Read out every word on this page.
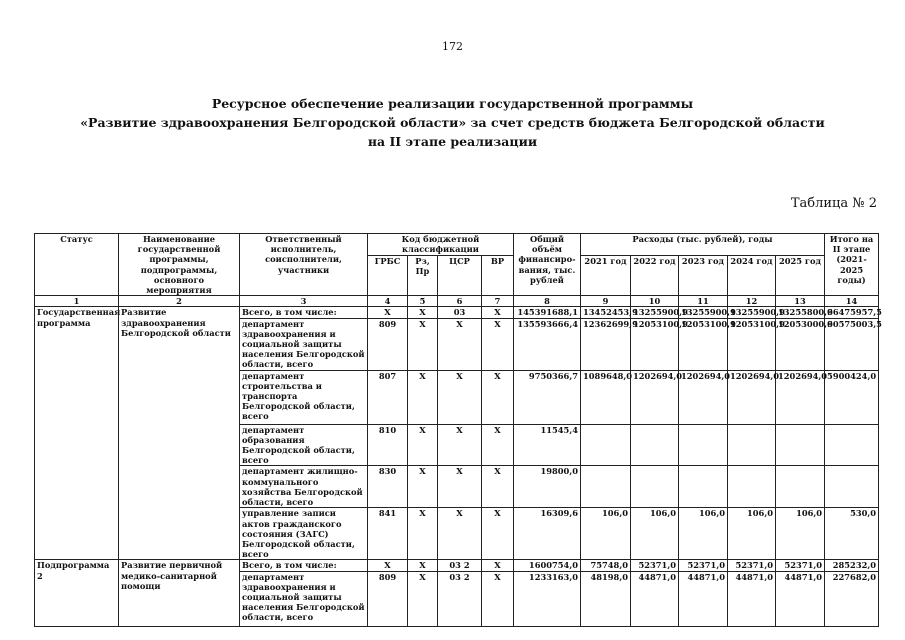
172
Ресурсное обеспечение реализации государственной программы
«Развитие здравоохранения Белгородской области» за счет средств бюджета Белгородской области
на II этапе реализации
Таблица № 2
Статус	Наименование государственной программы, подпрограммы, основного мероприятия	Ответственный исполнитель, соисполнители, участники	Код бюджетной классификации				Общий объём финансиро-вания, тыс. рублей	Расходы (тыс. рублей), годы					Итого на II этапе (2021-2025 годы)
			ГРБС	Рз, Пр	ЦСР	ВР		2021 год	2022 год	2023 год	2024 год	2025 год	
1	2	3	4	5	6	7	8	9	10	11	12	13	14
Государственная программа	Развитие здравоохранения Белгородской области	Всего, в том числе:	Х	Х	03	Х	145391688,1	13452453,9	13255900,9	13255900,9	13255900,9	13255800,9	66475957,5
		департамент здравоохранения и социальной защиты населения Белгородской области, всего	809	Х	Х	Х	135593666,4	12362699,9	12053100,9	12053100,9	12053100,9	12053000,9	60575003,5
		департамент строительства и транспорта Белгородской области, всего	807	Х	Х	Х	9750366,7	1089648,0	1202694,0	1202694,0	1202694,0	1202694,0	5900424,0
		департамент образования Белгородской области, всего	810	Х	Х	Х	11545,4						
		департамент жилищно-коммунального хозяйства Белгородской области, всего	830	Х	Х	Х	19800,0						
		управление записи актов гражданского состояния (ЗАГС) Белгородской области, всего	841	Х	Х	Х	16309,6	106,0	106,0	106,0	106,0	106,0	530,0
Подпрограмма 2	Развитие первичной медико-санитарной помощи	Всего, в том числе:	Х	Х	03 2	Х	1600754,0	75748,0	52371,0	52371,0	52371,0	52371,0	285232,0
		департамент здравоохранения и социальной защиты населения Белгородской области, всего	809	Х	03 2	Х	1233163,0	48198,0	44871,0	44871,0	44871,0	44871,0	227682,0
